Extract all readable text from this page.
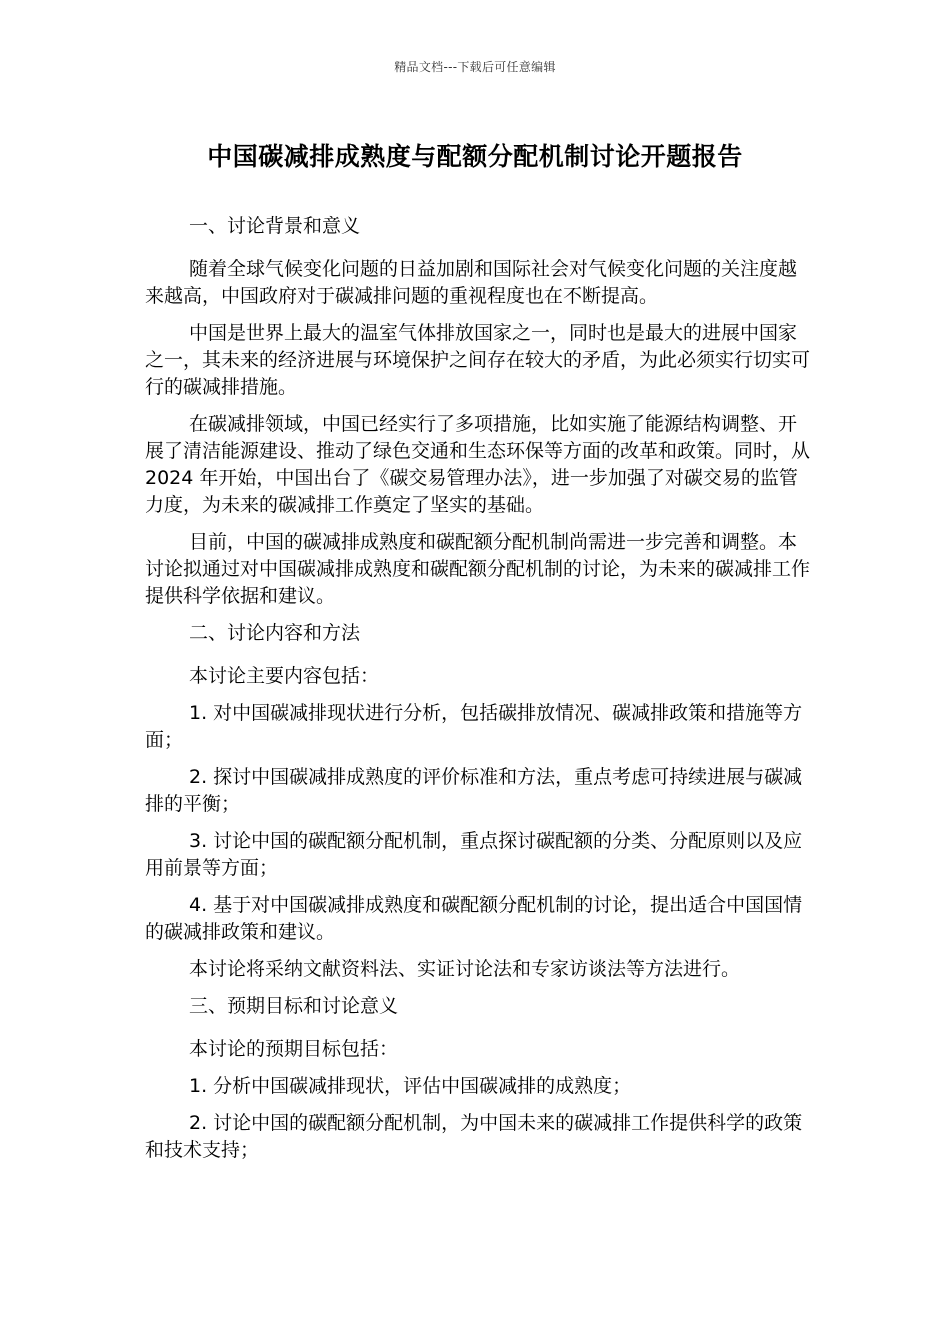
精品文档---下载后可任意编辑
中国碳减排成熟度与配额分配机制讨论开题报告

一、讨论背景和意义

随着全球气候变化问题的日益加剧和国际社会对气候变化问题的关注度越来越高，中国政府对于碳减排问题的重视程度也在不断提高。

中国是世界上最大的温室气体排放国家之一，同时也是最大的进展中国家之一，其未来的经济进展与环境保护之间存在较大的矛盾，为此必须实行切实可行的碳减排措施。

在碳减排领域，中国已经实行了多项措施，比如实施了能源结构调整、开展了清洁能源建设、推动了绿色交通和生态环保等方面的改革和政策。同时，从 2024 年开始，中国出台了《碳交易管理办法》，进一步加强了对碳交易的监管力度，为未来的碳减排工作奠定了坚实的基础。

目前，中国的碳减排成熟度和碳配额分配机制尚需进一步完善和调整。本讨论拟通过对中国碳减排成熟度和碳配额分配机制的讨论，为未来的碳减排工作提供科学依据和建议。

二、讨论内容和方法

本讨论主要内容包括：

1. 对中国碳减排现状进行分析，包括碳排放情况、碳减排政策和措施等方面；

2. 探讨中国碳减排成熟度的评价标准和方法，重点考虑可持续进展与碳减排的平衡；

3. 讨论中国的碳配额分配机制，重点探讨碳配额的分类、分配原则以及应用前景等方面；

4. 基于对中国碳减排成熟度和碳配额分配机制的讨论，提出适合中国国情的碳减排政策和建议。

本讨论将采纳文献资料法、实证讨论法和专家访谈法等方法进行。

三、预期目标和讨论意义

本讨论的预期目标包括：

1. 分析中国碳减排现状，评估中国碳减排的成熟度；

2. 讨论中国的碳配额分配机制，为中国未来的碳减排工作提供科学的政策和技术支持；
